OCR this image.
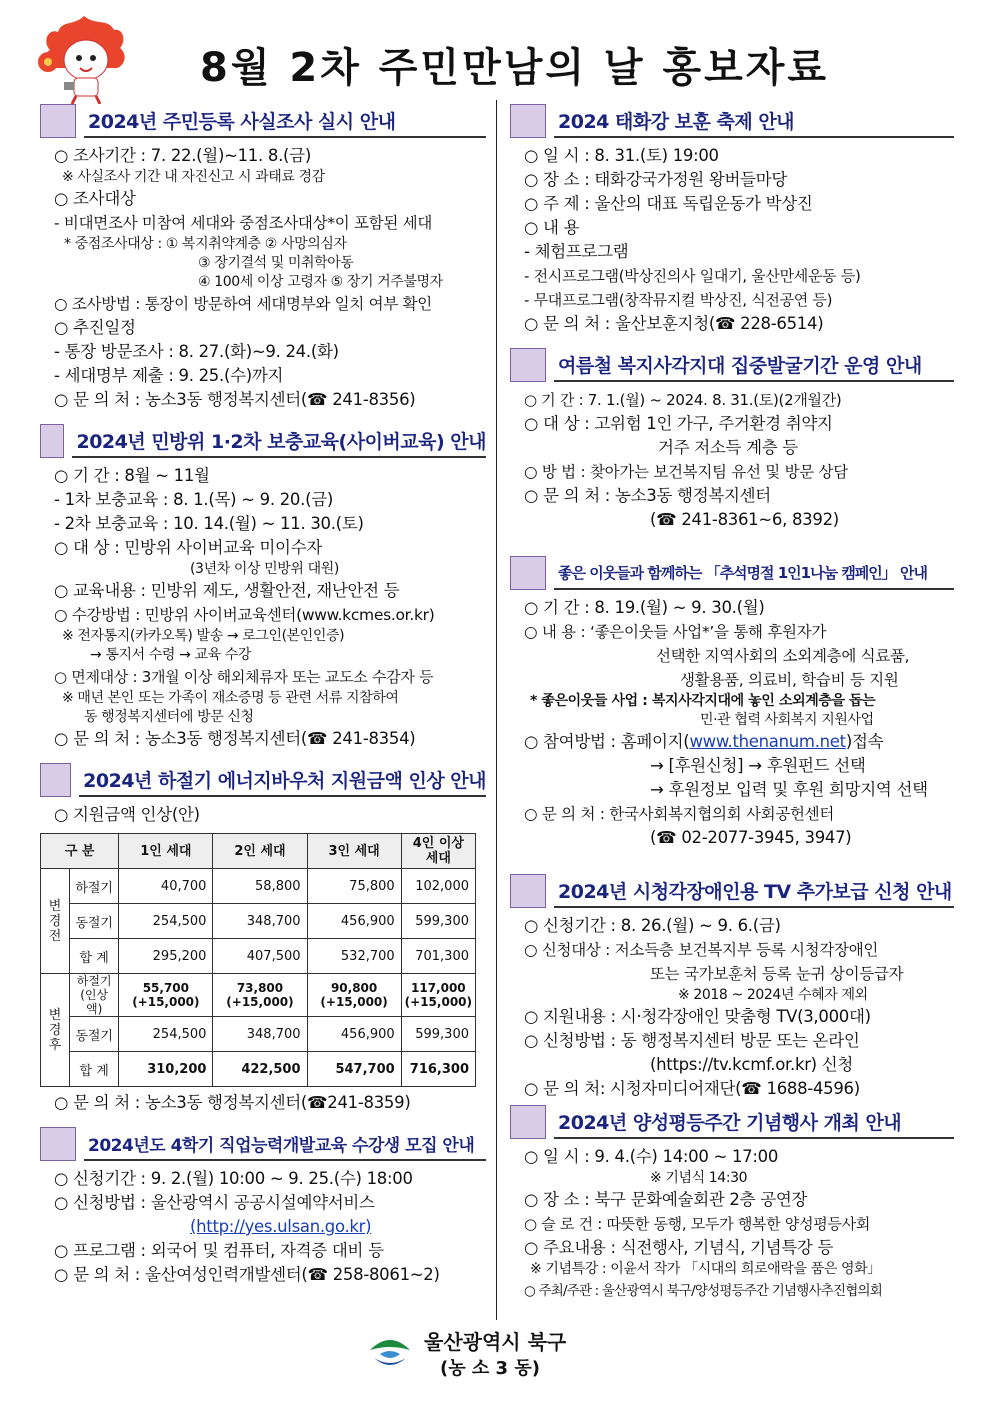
8월 2차 주민만남의 날 홍보자료
2024년 주민등록 사실조사 실시 안내
○ 조사기간 : 7. 22.(월)~11. 8.(금)
※ 사실조사 기간 내 자진신고 시 과태료 경감
○ 조사대상
- 비대면조사 미참여 세대와 중점조사대상*이 포함된 세대
* 중점조사대상 : ① 복지취약계층 ② 사망의심자
③ 장기결석 및 미취학아동
④ 100세 이상 고령자 ⑤ 장기 거주불명자
○ 조사방법 : 통장이 방문하여 세대명부와 일치 여부 확인
○ 추진일정
- 통장 방문조사 : 8. 27.(화)~9. 24.(화)
- 세대명부 제출 : 9. 25.(수)까지
○ 문 의 처 : 농소3동 행정복지센터(☎ 241-8356)
2024년 민방위 1·2차 보충교육(사이버교육) 안내
○ 기 간 : 8월 ~ 11월
- 1차 보충교육 : 8. 1.(목) ~ 9. 20.(금)
- 2차 보충교육 : 10. 14.(월) ~ 11. 30.(토)
○ 대 상 : 민방위 사이버교육 미이수자
(3년차 이상 민방위 대원)
○ 교육내용 : 민방위 제도, 생활안전, 재난안전 등
○ 수강방법 : 민방위 사이버교육센터(www.kcmes.or.kr)
※ 전자통지(카카오톡) 발송 → 로그인(본인인증)
→ 통지서 수령 → 교육 수강
○ 면제대상 : 3개월 이상 해외체류자 또는 교도소 수감자 등
※ 매년 본인 또는 가족이 재소증명 등 관련 서류 지참하여
동 행정복지센터에 방문 신청
○ 문 의 처 : 농소3동 행정복지센터(☎ 241-8354)
2024년 하절기 에너지바우처 지원금액 인상 안내
○ 지원금액 인상(안)
구 분		1인 세대	2인 세대	3인 세대	4인 이상 세대
변경전	하절기	40,700	58,800	75,800	102,000
	동절기	254,500	348,700	456,900	599,300
	합 계	295,200	407,500	532,700	701,300
변경후	하절기 (인상액)	55,700 (+15,000)	73,800 (+15,000)	90,800 (+15,000)	117,000 (+15,000)
	동절기	254,500	348,700	456,900	599,300
	합 계	310,200	422,500	547,700	716,300
○ 문 의 처 : 농소3동 행정복지센터(☎241-8359)
2024년도 4학기 직업능력개발교육 수강생 모집 안내
○ 신청기간 : 9. 2.(월) 10:00 ~ 9. 25.(수) 18:00
○ 신청방법 : 울산광역시 공공시설예약서비스
(http://yes.ulsan.go.kr)
○ 프로그램 : 외국어 및 컴퓨터, 자격증 대비 등
○ 문 의 처 : 울산여성인력개발센터(☎ 258-8061~2)
2024 태화강 보훈 축제 안내
○ 일 시 : 8. 31.(토) 19:00
○ 장 소 : 태화강국가정원 왕버들마당
○ 주 제 : 울산의 대표 독립운동가 박상진
○ 내 용
- 체험프로그램
- 전시프로그램(박상진의사 일대기, 울산만세운동 등)
- 무대프로그램(창작뮤지컬 박상진, 식전공연 등)
○ 문 의 처 : 울산보훈지청(☎ 228-6514)
여름철 복지사각지대 집중발굴기간 운영 안내
○ 기 간 : 7. 1.(월) ~ 2024. 8. 31.(토)(2개월간)
○ 대 상 : 고위험 1인 가구, 주거환경 취약지
거주 저소득 계층 등
○ 방 법 : 찾아가는 보건복지팀 유선 및 방문 상담
○ 문 의 처 : 농소3동 행정복지센터
(☎ 241-8361~6, 8392)
좋은 이웃들과 함께하는 「추석명절 1인1나눔 캠페인」 안내
○ 기 간 : 8. 19.(월) ~ 9. 30.(월)
○ 내 용 : ‘좋은이웃들 사업*’을 통해 후원자가
선택한 지역사회의 소외계층에 식료품,
생활용품, 의료비, 학습비 등 지원
* 좋은이웃들 사업 : 복지사각지대에 놓인 소외계층을 돕는
민·관 협력 사회복지 지원사업
○ 참여방법 : 홈페이지(www.thenanum.net)접속
→ [후원신청] → 후원펀드 선택
→ 후원정보 입력 및 후원 희망지역 선택
○ 문 의 처 : 한국사회복지협의회 사회공헌센터
(☎ 02-2077-3945, 3947)
2024년 시청각장애인용 TV 추가보급 신청 안내
○ 신청기간 : 8. 26.(월) ~ 9. 6.(금)
○ 신청대상 : 저소득층 보건복지부 등록 시청각장애인
또는 국가보훈처 등록 눈귀 상이등급자
※ 2018 ~ 2024년 수혜자 제외
○ 지원내용 : 시·청각장애인 맞춤형 TV(3,000대)
○ 신청방법 : 동 행정복지센터 방문 또는 온라인
(https://tv.kcmf.or.kr) 신청
○ 문 의 처: 시청자미디어재단(☎ 1688-4596)
2024년 양성평등주간 기념행사 개최 안내
○ 일 시 : 9. 4.(수) 14:00 ~ 17:00
※ 기념식 14:30
○ 장 소 : 북구 문화예술회관 2층 공연장
○ 슬 로 건 : 따뜻한 동행, 모두가 행복한 양성평등사회
○ 주요내용 : 식전행사, 기념식, 기념특강 등
※ 기념특강 : 이윤서 작가 「시대의 희로애락을 품은 영화」
○ 주최/주관 : 울산광역시 북구/양성평등주간 기념행사추진협의회
울산광역시 북구
(농 소 3 동)
